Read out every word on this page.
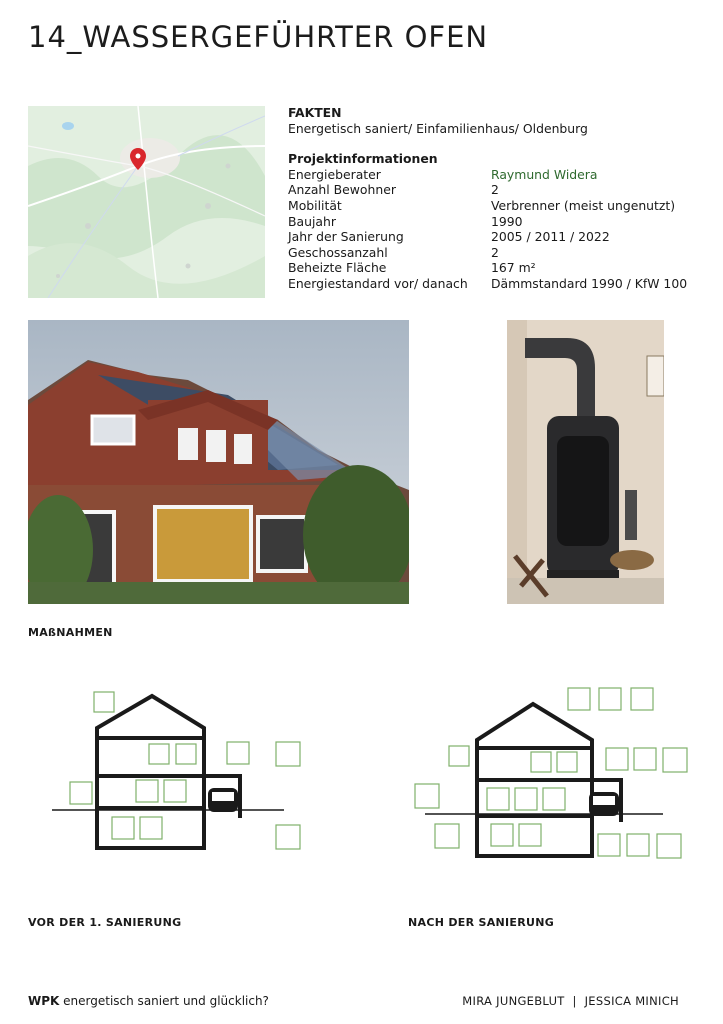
14_WASSERGEFÜHRTER OFEN
FAKTEN
Energetisch saniert/ Einfamilienhaus/ Oldenburg
Projektinformationen
Energieberater	Raymund Widera
Anzahl Bewohner	2
Mobilität	Verbrenner (meist ungenutzt)
Baujahr	1990
Jahr der Sanierung	2005 / 2011 / 2022
Geschossanzahl	2
Beheizte Fläche	167 m²
Energiestandard vor/ danach	Dämmstandard 1990 / KfW 100
MAßNAHMEN
VOR DER 1. SANIERUNG	NACH DER SANIERUNG
WPK energetisch saniert und glücklich?	MIRA JUNGEBLUT  |  JESSICA MINICH
